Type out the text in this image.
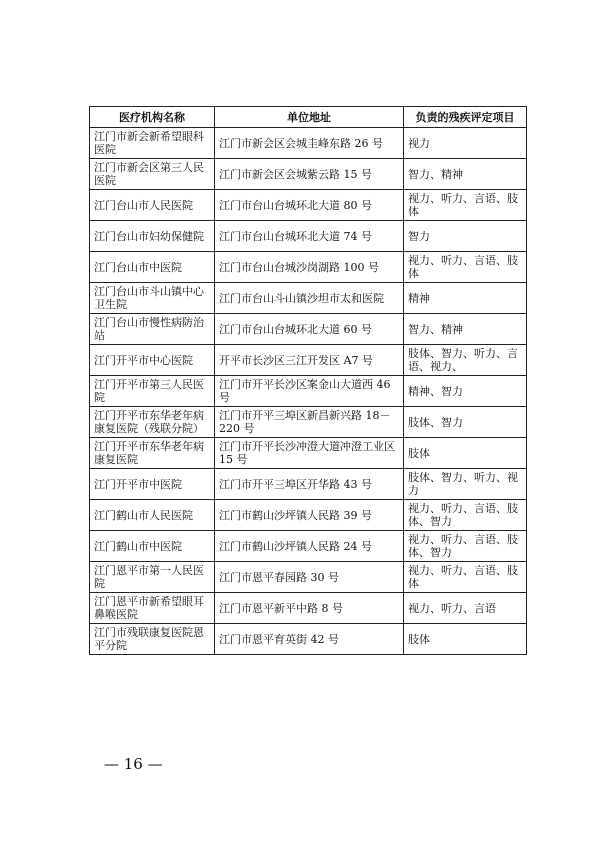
医疗机构名称	单位地址	负责的残疾评定项目
江门市新会新希望眼科医院	江门市新会区会城圭峰东路 26 号	视力
江门市新会区第三人民医院	江门市新会区会城紫云路 15 号	智力、精神
江门台山市人民医院	江门市台山台城环北大道 80 号	视力、听力、言语、肢体
江门台山市妇幼保健院	江门市台山台城环北大道 74 号	智力
江门台山市中医院	江门市台山台城沙岗湖路 100 号	视力、听力、言语、肢体
江门台山市斗山镇中心卫生院	江门市台山斗山镇沙坦市太和医院	精神
江门台山市慢性病防治站	江门市台山台城环北大道 60 号	智力、精神
江门开平市中心医院	开平市长沙区三江开发区 A7 号	肢体、智力、听力、言语、视力、
江门开平市第三人民医院	江门市开平长沙区案金山大道西 46 号	精神、智力
江门开平市东华老年病康复医院（残联分院）	江门市开平三埠区新昌新兴路 18－220 号	肢体、智力
江门开平市东华老年病康复医院	江门市开平长沙冲澄大道冲澄工业区 15 号	肢体
江门开平市中医院	江门市开平三埠区开华路 43 号	肢体、智力、听力、视力
江门鹤山市人民医院	江门市鹤山沙坪镇人民路 39 号	视力、听力、言语、肢体、智力
江门鹤山市中医院	江门市鹤山沙坪镇人民路 24 号	视力、听力、言语、肢体、智力
江门恩平市第一人民医院	江门市恩平春园路 30 号	视力、听力、言语、肢体
江门恩平市新希望眼耳鼻喉医院	江门市恩平新平中路 8 号	视力、听力、言语
江门市残联康复医院恩平分院	江门市恩平育英街 42 号	肢体
— 16 —
